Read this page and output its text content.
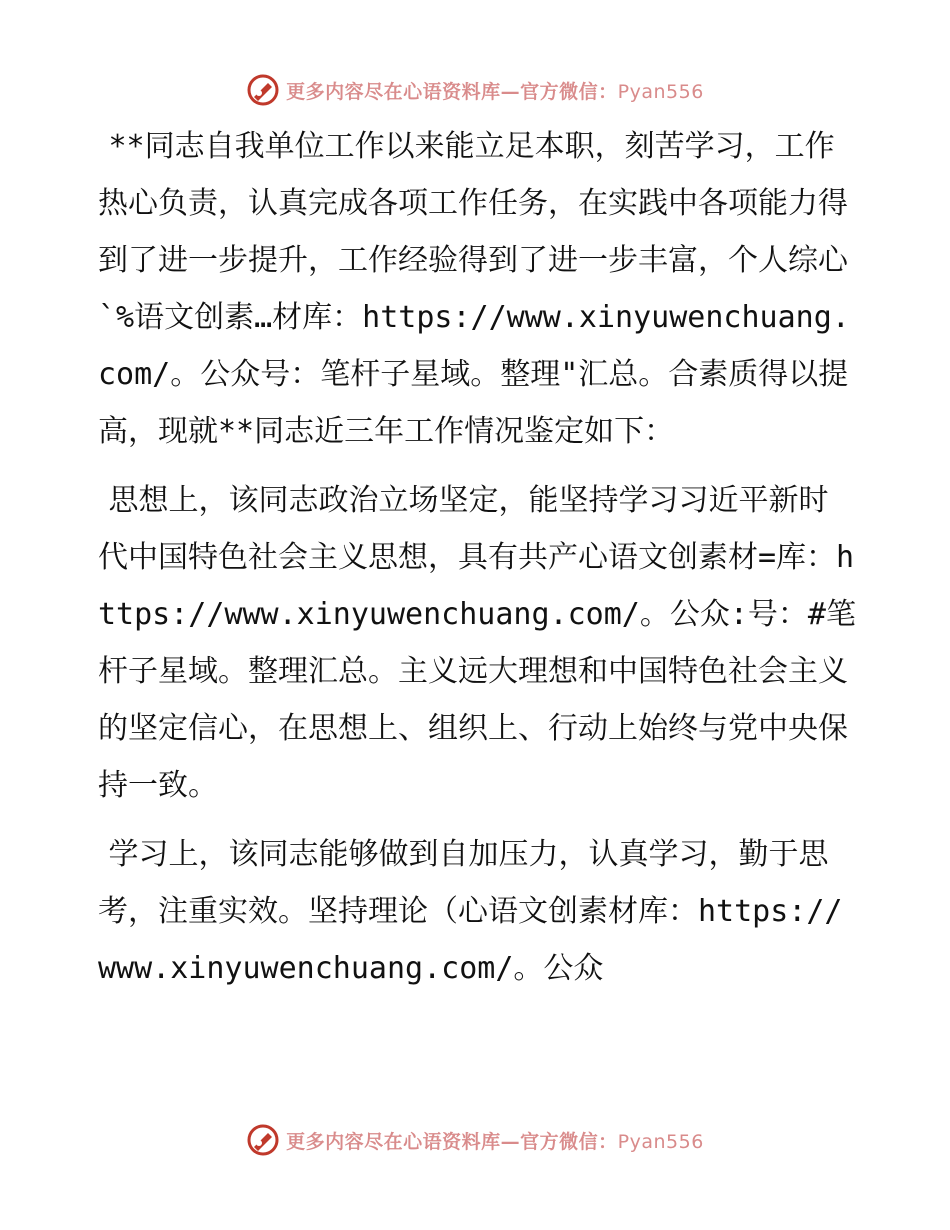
更多内容尽在心语资料库—官方微信：Pyan556

**同志自我单位工作以来能立足本职，刻苦学习，工作热心负责，认真完成各项工作任务，在实践中各项能力得到了进一步提升，工作经验得到了进一步丰富，个人综心`%语文创素…材库：https://www.xinyuwenchuang.com/。公众号：笔杆子星域。整理"汇总。合素质得以提高，现就**同志近三年工作情况鉴定如下：

思想上，该同志政治立场坚定，能坚持学习习近平新时代中国特色社会主义思想，具有共产心语文创素材=库：https://www.xinyuwenchuang.com/。公众:号：#笔杆子星域。整理汇总。主义远大理想和中国特色社会主义的坚定信心，在思想上、组织上、行动上始终与党中央保持一致。

学习上，该同志能够做到自加压力，认真学习，勤于思考，注重实效。坚持理论（心语文创素材库：https://www.xinyuwenchuang.com/。公众

更多内容尽在心语资料库—官方微信：Pyan556
